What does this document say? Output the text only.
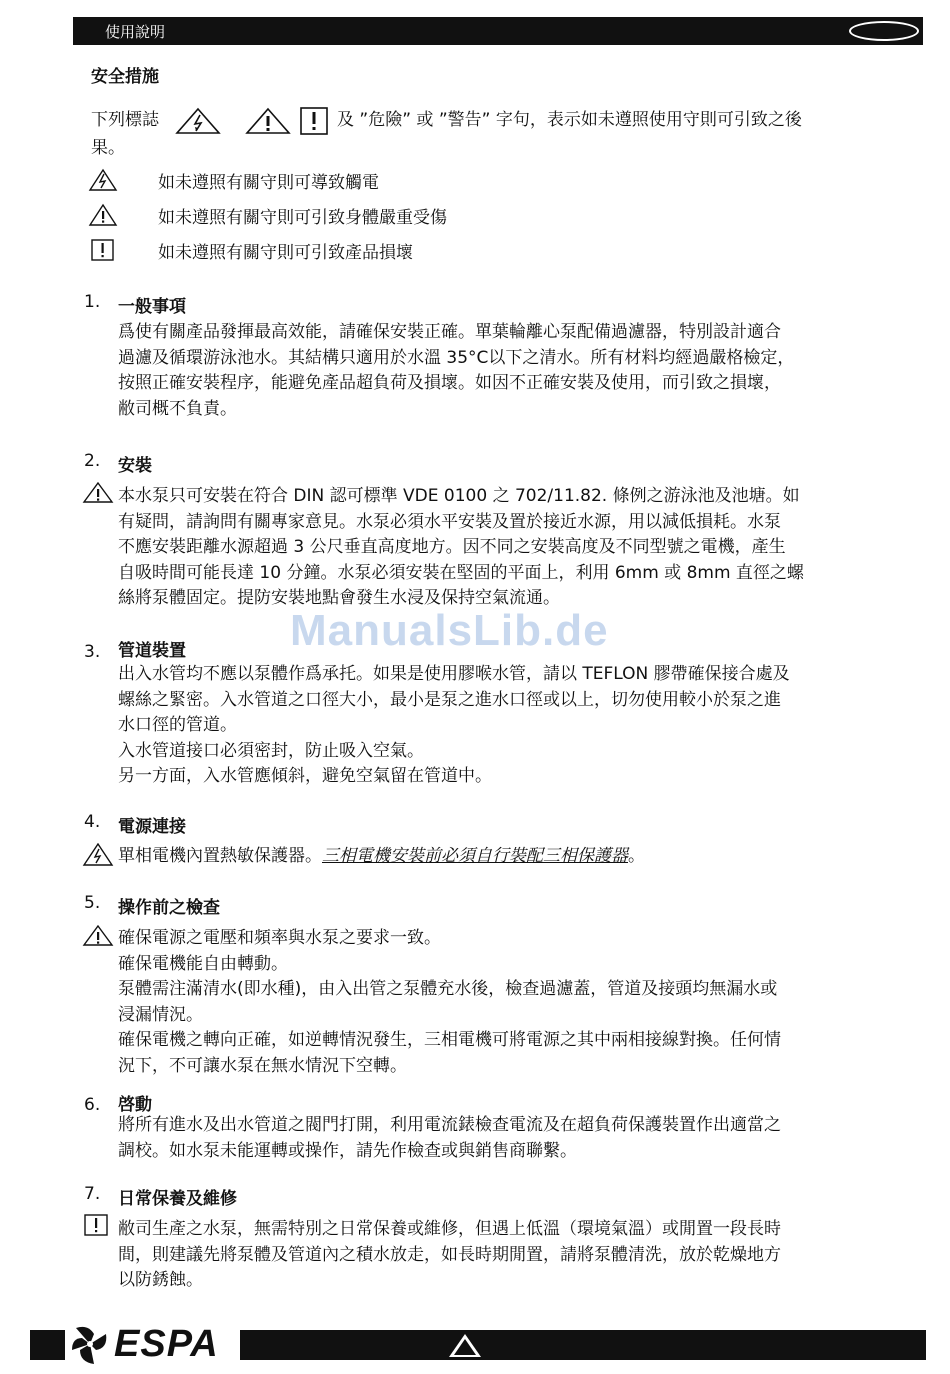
使用說明
安全措施
下列標誌	及 ”危險” 或 ”警告” 字句，表示如未遵照使用守則可引致之後
果。
如未遵照有關守則可導致觸電
如未遵照有關守則可引致身體嚴重受傷
如未遵照有關守則可引致產品損壞
1. 一般事項
爲使有關產品發揮最高效能，請確保安裝正確。單葉輪離心泵配備過濾器，特別設計適合
過濾及循環游泳池水。其結構只適用於水溫 35°C以下之清水。所有材料均經過嚴格檢定，
按照正確安裝程序，能避免產品超負荷及損壞。如因不正確安裝及使用，而引致之損壞，
敝司概不負責。
2. 安裝
本水泵只可安裝在符合 DIN 認可標準 VDE 0100 之 702/11.82. 條例之游泳池及池塘。如
有疑問，請詢問有關專家意見。水泵必須水平安裝及置於接近水源，用以減低損耗。水泵
不應安裝距離水源超過 3 公尺垂直高度地方。因不同之安裝高度及不同型號之電機，產生
自吸時間可能長達 10 分鐘。水泵必須安裝在堅固的平面上，利用 6mm 或 8mm 直徑之螺
絲將泵體固定。提防安裝地點會發生水浸及保持空氣流通。
ManualsLib.de
3. 管道裝置
出入水管均不應以泵體作爲承托。如果是使用膠喉水管，請以 TEFLON 膠帶確保接合處及
螺絲之緊密。入水管道之口徑大小，最小是泵之進水口徑或以上，切勿使用較小於泵之進
水口徑的管道。
入水管道接口必須密封，防止吸入空氣。
另一方面，入水管應傾斜，避免空氣留在管道中。
4. 電源連接
單相電機內置熱敏保護器。三相電機安裝前必須自行裝配三相保護器。
5. 操作前之檢查
確保電源之電壓和頻率與水泵之要求一致。
確保電機能自由轉動。
泵體需注滿清水(即水種)，由入出管之泵體充水後，檢查過濾蓋，管道及接頭均無漏水或
浸漏情況。
確保電機之轉向正確，如逆轉情況發生，三相電機可將電源之其中兩相接線對換。任何情
況下，不可讓水泵在無水情況下空轉。
6. 啓動
將所有進水及出水管道之閥門打開，利用電流錶檢查電流及在超負荷保護裝置作出適當之
調校。如水泵未能運轉或操作，請先作檢查或與銷售商聯繫。
7. 日常保養及維修
敝司生產之水泵，無需特別之日常保養或維修，但遇上低溫（環境氣溫）或閒置一段長時
間，則建議先將泵體及管道內之積水放走，如長時期閒置，請將泵體清洗，放於乾燥地方
以防銹蝕。
ESPA
